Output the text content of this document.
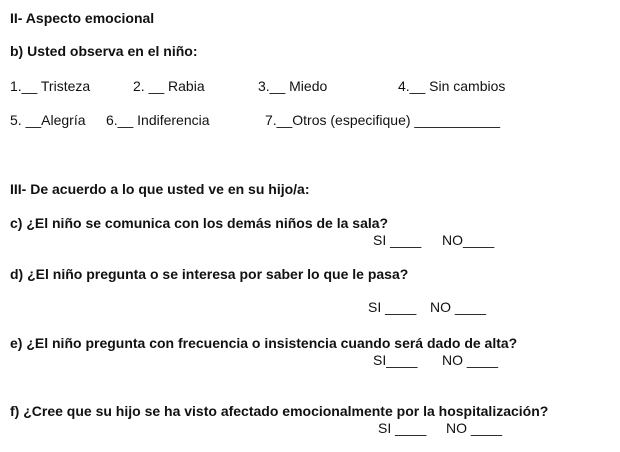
II- Aspecto emocional
b) Usted observa en el niño:
1.__ Tristeza	2. __ Rabia	3.__ Miedo	4.__ Sin cambios
5. __Alegría 6.__ Indiferencia	7.__Otros (especifique) ___________
III- De acuerdo a lo que usted ve en su hijo/a:
c) ¿El niño se comunica con los demás niños de la sala?
SI ____ NO____
d) ¿El niño pregunta o se interesa por saber lo que le pasa?
SI ____ NO ____
e) ¿El niño pregunta con frecuencia o insistencia cuando será dado de alta?
SI____ NO ____
f) ¿Cree que su hijo se ha visto afectado emocionalmente por la hospitalización?
SI ____ NO ____
